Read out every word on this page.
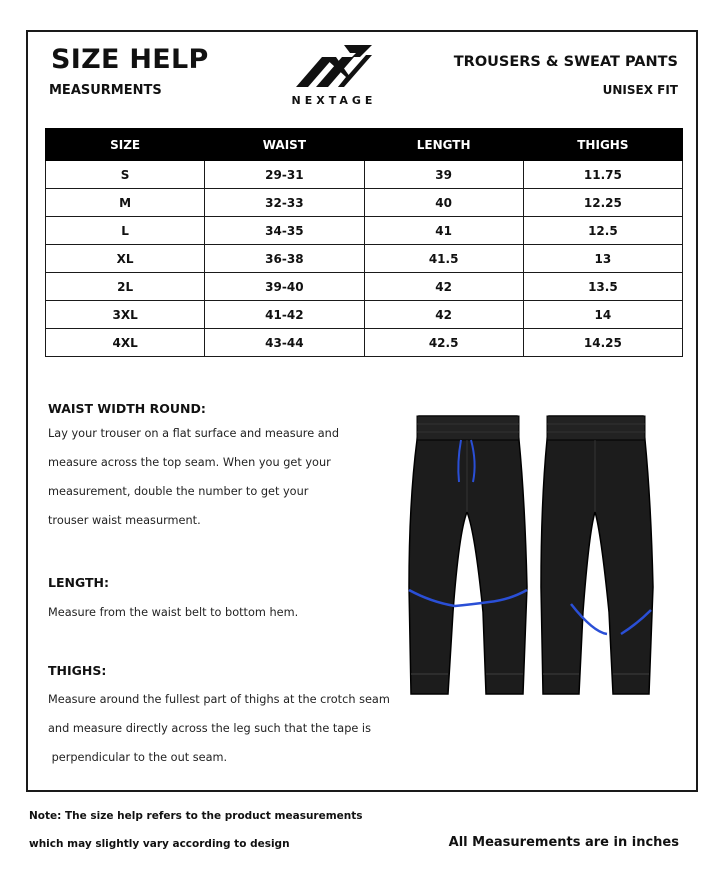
SIZE HELP
MEASURMENTS
NEXTAGE
TROUSERS & SWEAT PANTS
UNISEX FIT
SIZE	WAIST	LENGTH	THIGHS
S	29-31	39	11.75
M	32-33	40	12.25
L	34-35	41	12.5
XL	36-38	41.5	13
2L	39-40	42	13.5
3XL	41-42	42	14
4XL	43-44	42.5	14.25
WAIST WIDTH ROUND:
Lay your trouser on a flat surface and measure and
measure across the top seam. When you get your
measurement, double the number to get your
trouser waist measurment.
LENGTH:
Measure from the waist belt to bottom hem.
THIGHS:
Measure around the fullest part of thighs at the crotch seam
and measure directly across the leg such that the tape is
perpendicular to the out seam.
Note: The size help refers to the product measurements
which may slightly vary according to design	All Measurements are in inches
